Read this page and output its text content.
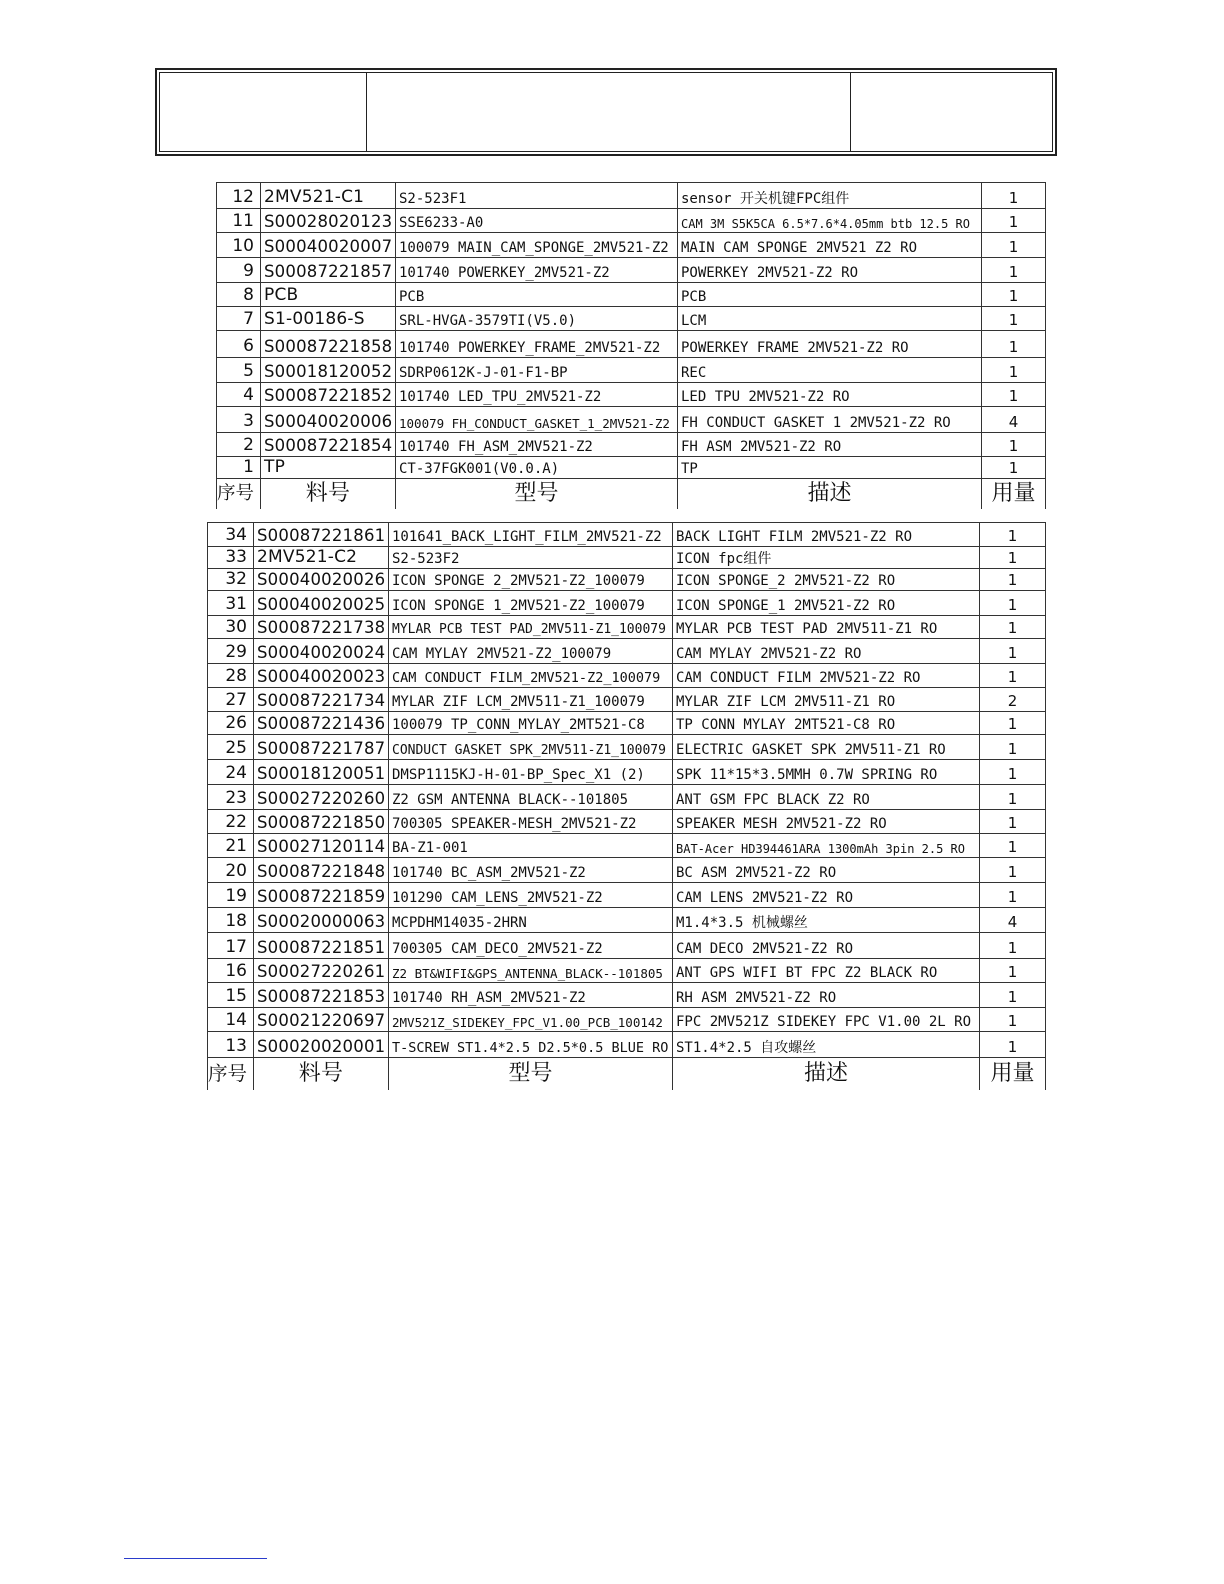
12	2MV521-C1	S2-523F1	sensor 开关机键FPC组件	1
11	S00028020123	SSE6233-A0	CAM 3M S5K5CA 6.5*7.6*4.05mm btb 12.5 RO	1
10	S00040020007	100079 MAIN_CAM_SPONGE_2MV521-Z2	MAIN CAM SPONGE 2MV521 Z2 RO	1
9	S00087221857	101740 POWERKEY_2MV521-Z2	POWERKEY 2MV521-Z2 RO	1
8	PCB	PCB	PCB	1
7	S1-00186-S	SRL-HVGA-3579TI(V5.0)	LCM	1
6	S00087221858	101740 POWERKEY_FRAME_2MV521-Z2	POWERKEY FRAME 2MV521-Z2 RO	1
5	S00018120052	SDRP0612K-J-01-F1-BP	REC	1
4	S00087221852	101740 LED_TPU_2MV521-Z2	LED TPU 2MV521-Z2 RO	1
3	S00040020006	100079 FH_CONDUCT_GASKET_1_2MV521-Z2	FH CONDUCT GASKET 1 2MV521-Z2 RO	4
2	S00087221854	101740 FH_ASM_2MV521-Z2	FH ASM 2MV521-Z2 RO	1
1	TP	CT-37FGK001(V0.0.A)	TP	1
序号	料号	型号	描述	用量
34	S00087221861	101641_BACK_LIGHT_FILM_2MV521-Z2	BACK LIGHT FILM 2MV521-Z2 RO	1
33	2MV521-C2	S2-523F2	ICON fpc组件	1
32	S00040020026	ICON SPONGE 2_2MV521-Z2_100079	ICON SPONGE_2 2MV521-Z2 RO	1
31	S00040020025	ICON SPONGE 1_2MV521-Z2_100079	ICON SPONGE_1 2MV521-Z2 RO	1
30	S00087221738	MYLAR PCB TEST PAD_2MV511-Z1_100079	MYLAR PCB TEST PAD 2MV511-Z1 RO	1
29	S00040020024	CAM MYLAY 2MV521-Z2_100079	CAM MYLAY 2MV521-Z2 RO	1
28	S00040020023	CAM CONDUCT FILM_2MV521-Z2_100079	CAM CONDUCT FILM 2MV521-Z2 RO	1
27	S00087221734	MYLAR ZIF LCM_2MV511-Z1_100079	MYLAR ZIF LCM 2MV511-Z1 RO	2
26	S00087221436	100079 TP_CONN_MYLAY_2MT521-C8	TP CONN MYLAY 2MT521-C8 RO	1
25	S00087221787	CONDUCT GASKET SPK_2MV511-Z1_100079	ELECTRIC GASKET SPK 2MV511-Z1 RO	1
24	S00018120051	DMSP1115KJ-H-01-BP_Spec_X1 (2)	SPK 11*15*3.5MMH 0.7W SPRING RO	1
23	S00027220260	Z2 GSM ANTENNA BLACK--101805	ANT GSM FPC BLACK Z2 RO	1
22	S00087221850	700305 SPEAKER-MESH_2MV521-Z2	SPEAKER MESH 2MV521-Z2 RO	1
21	S00027120114	BA-Z1-001	BAT-Acer HD394461ARA 1300mAh 3pin 2.5 RO	1
20	S00087221848	101740 BC_ASM_2MV521-Z2	BC ASM 2MV521-Z2 RO	1
19	S00087221859	101290 CAM_LENS_2MV521-Z2	CAM LENS 2MV521-Z2 RO	1
18	S00020000063	MCPDHM14035-2HRN	M1.4*3.5 机械螺丝	4
17	S00087221851	700305 CAM_DECO_2MV521-Z2	CAM DECO 2MV521-Z2 RO	1
16	S00027220261	Z2 BT&WIFI&GPS_ANTENNA_BLACK--101805	ANT GPS WIFI BT FPC Z2 BLACK RO	1
15	S00087221853	101740 RH_ASM_2MV521-Z2	RH ASM 2MV521-Z2 RO	1
14	S00021220697	2MV521Z_SIDEKEY_FPC_V1.00_PCB_100142	FPC 2MV521Z SIDEKEY FPC V1.00 2L RO	1
13	S00020020001	T-SCREW ST1.4*2.5 D2.5*0.5 BLUE RO	ST1.4*2.5 自攻螺丝	1
序号	料号	型号	描述	用量
